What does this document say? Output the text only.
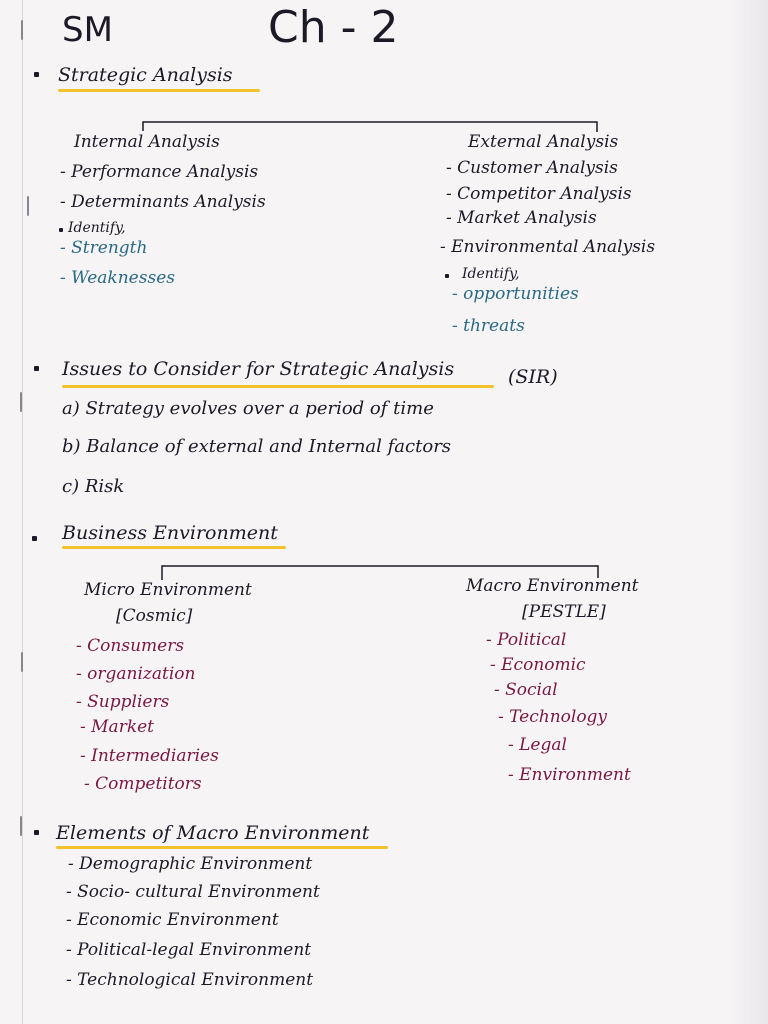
SM	Ch - 2
Strategic Analysis
Internal Analysis
- Performance Analysis
- Determinants Analysis
Identify,
- Strength
- Weaknesses
External Analysis
- Customer Analysis
- Competitor Analysis
- Market Analysis
- Environmental Analysis
Identify,
- opportunities
- threats
Issues to Consider for Strategic Analysis	(SIR)
a) Strategy evolves over a period of time
b) Balance of external and Internal factors
c) Risk
Business Environment
Micro Environment
[Cosmic]
- Consumers
- organization
- Suppliers
- Market
- Intermediaries
- Competitors
Macro Environment
[PESTLE]
- Political
- Economic
- Social
- Technology
- Legal
- Environment
Elements of Macro Environment
- Demographic Environment
- Socio- cultural Environment
- Economic Environment
- Political-legal Environment
- Technological Environment
